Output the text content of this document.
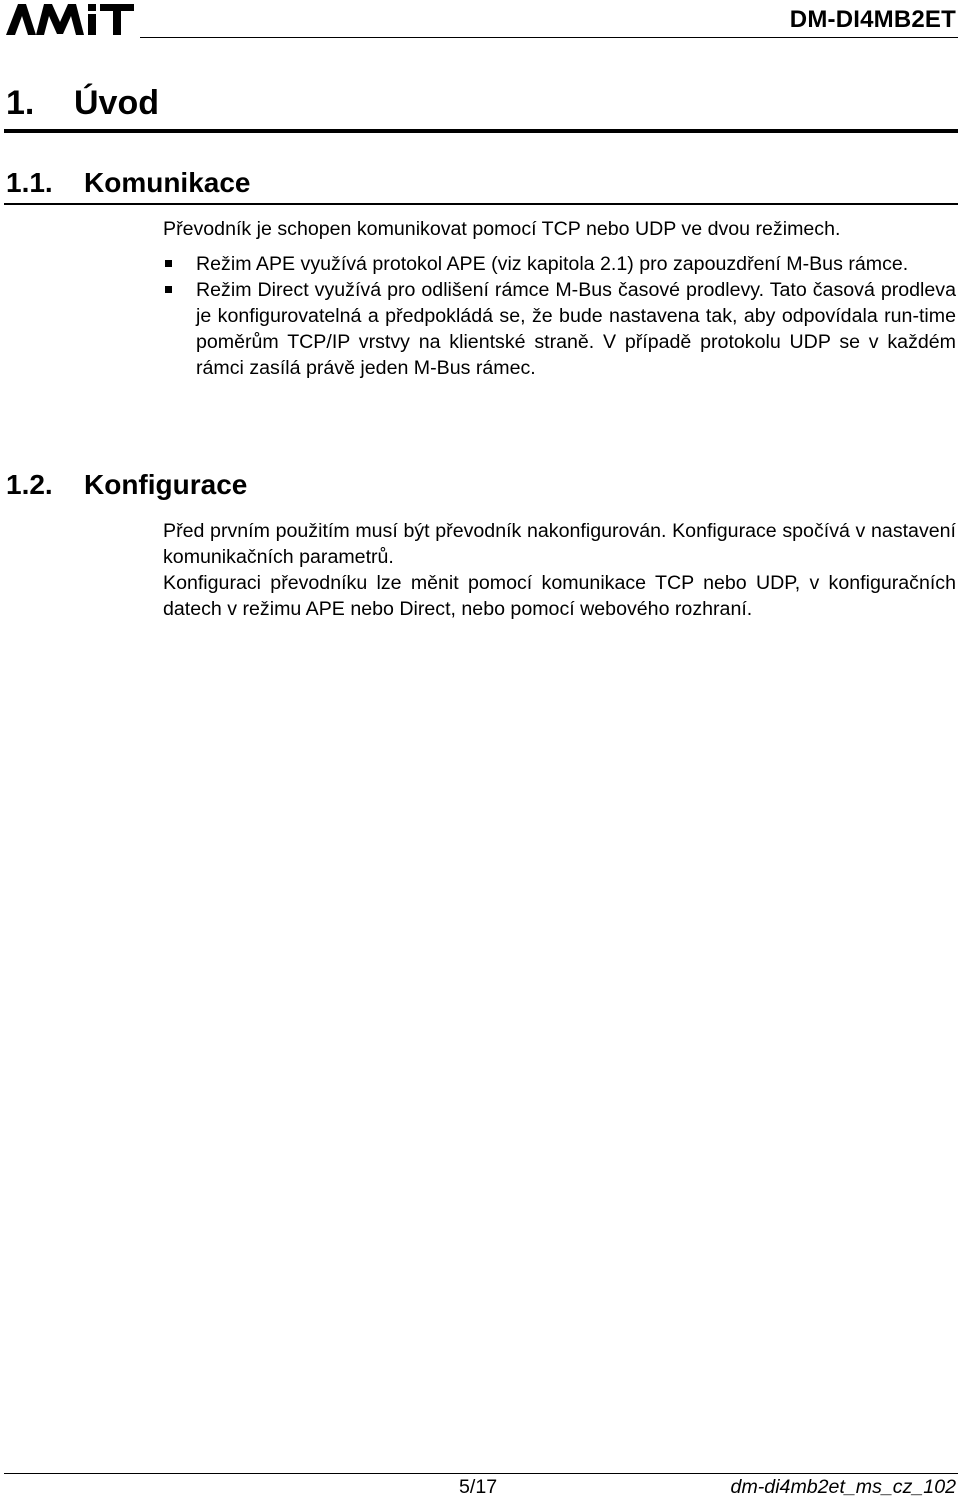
DM-DI4MB2ET
1. Úvod
1.1. Komunikace
Převodník je schopen komunikovat pomocí TCP nebo UDP ve dvou režimech.
Režim APE využívá protokol APE (viz kapitola 2.1) pro zapouzdření M-Bus rámce.
Režim Direct využívá pro odlišení rámce M-Bus časové prodlevy. Tato časová prodleva je konfigurovatelná a předpokládá se, že bude nastavena tak, aby odpovídala run-time poměrům TCP/IP vrstvy na klientské straně. V případě protokolu UDP se v každém rámci zasílá právě jeden M-Bus rámec.
1.2. Konfigurace
Před prvním použitím musí být převodník nakonfigurován. Konfigurace spočívá v nastavení komunikačních parametrů.
Konfiguraci převodníku lze měnit pomocí komunikace TCP nebo UDP, v konfiguračních datech v režimu APE nebo Direct, nebo pomocí webového rozhraní.
5/17	dm-di4mb2et_ms_cz_102
